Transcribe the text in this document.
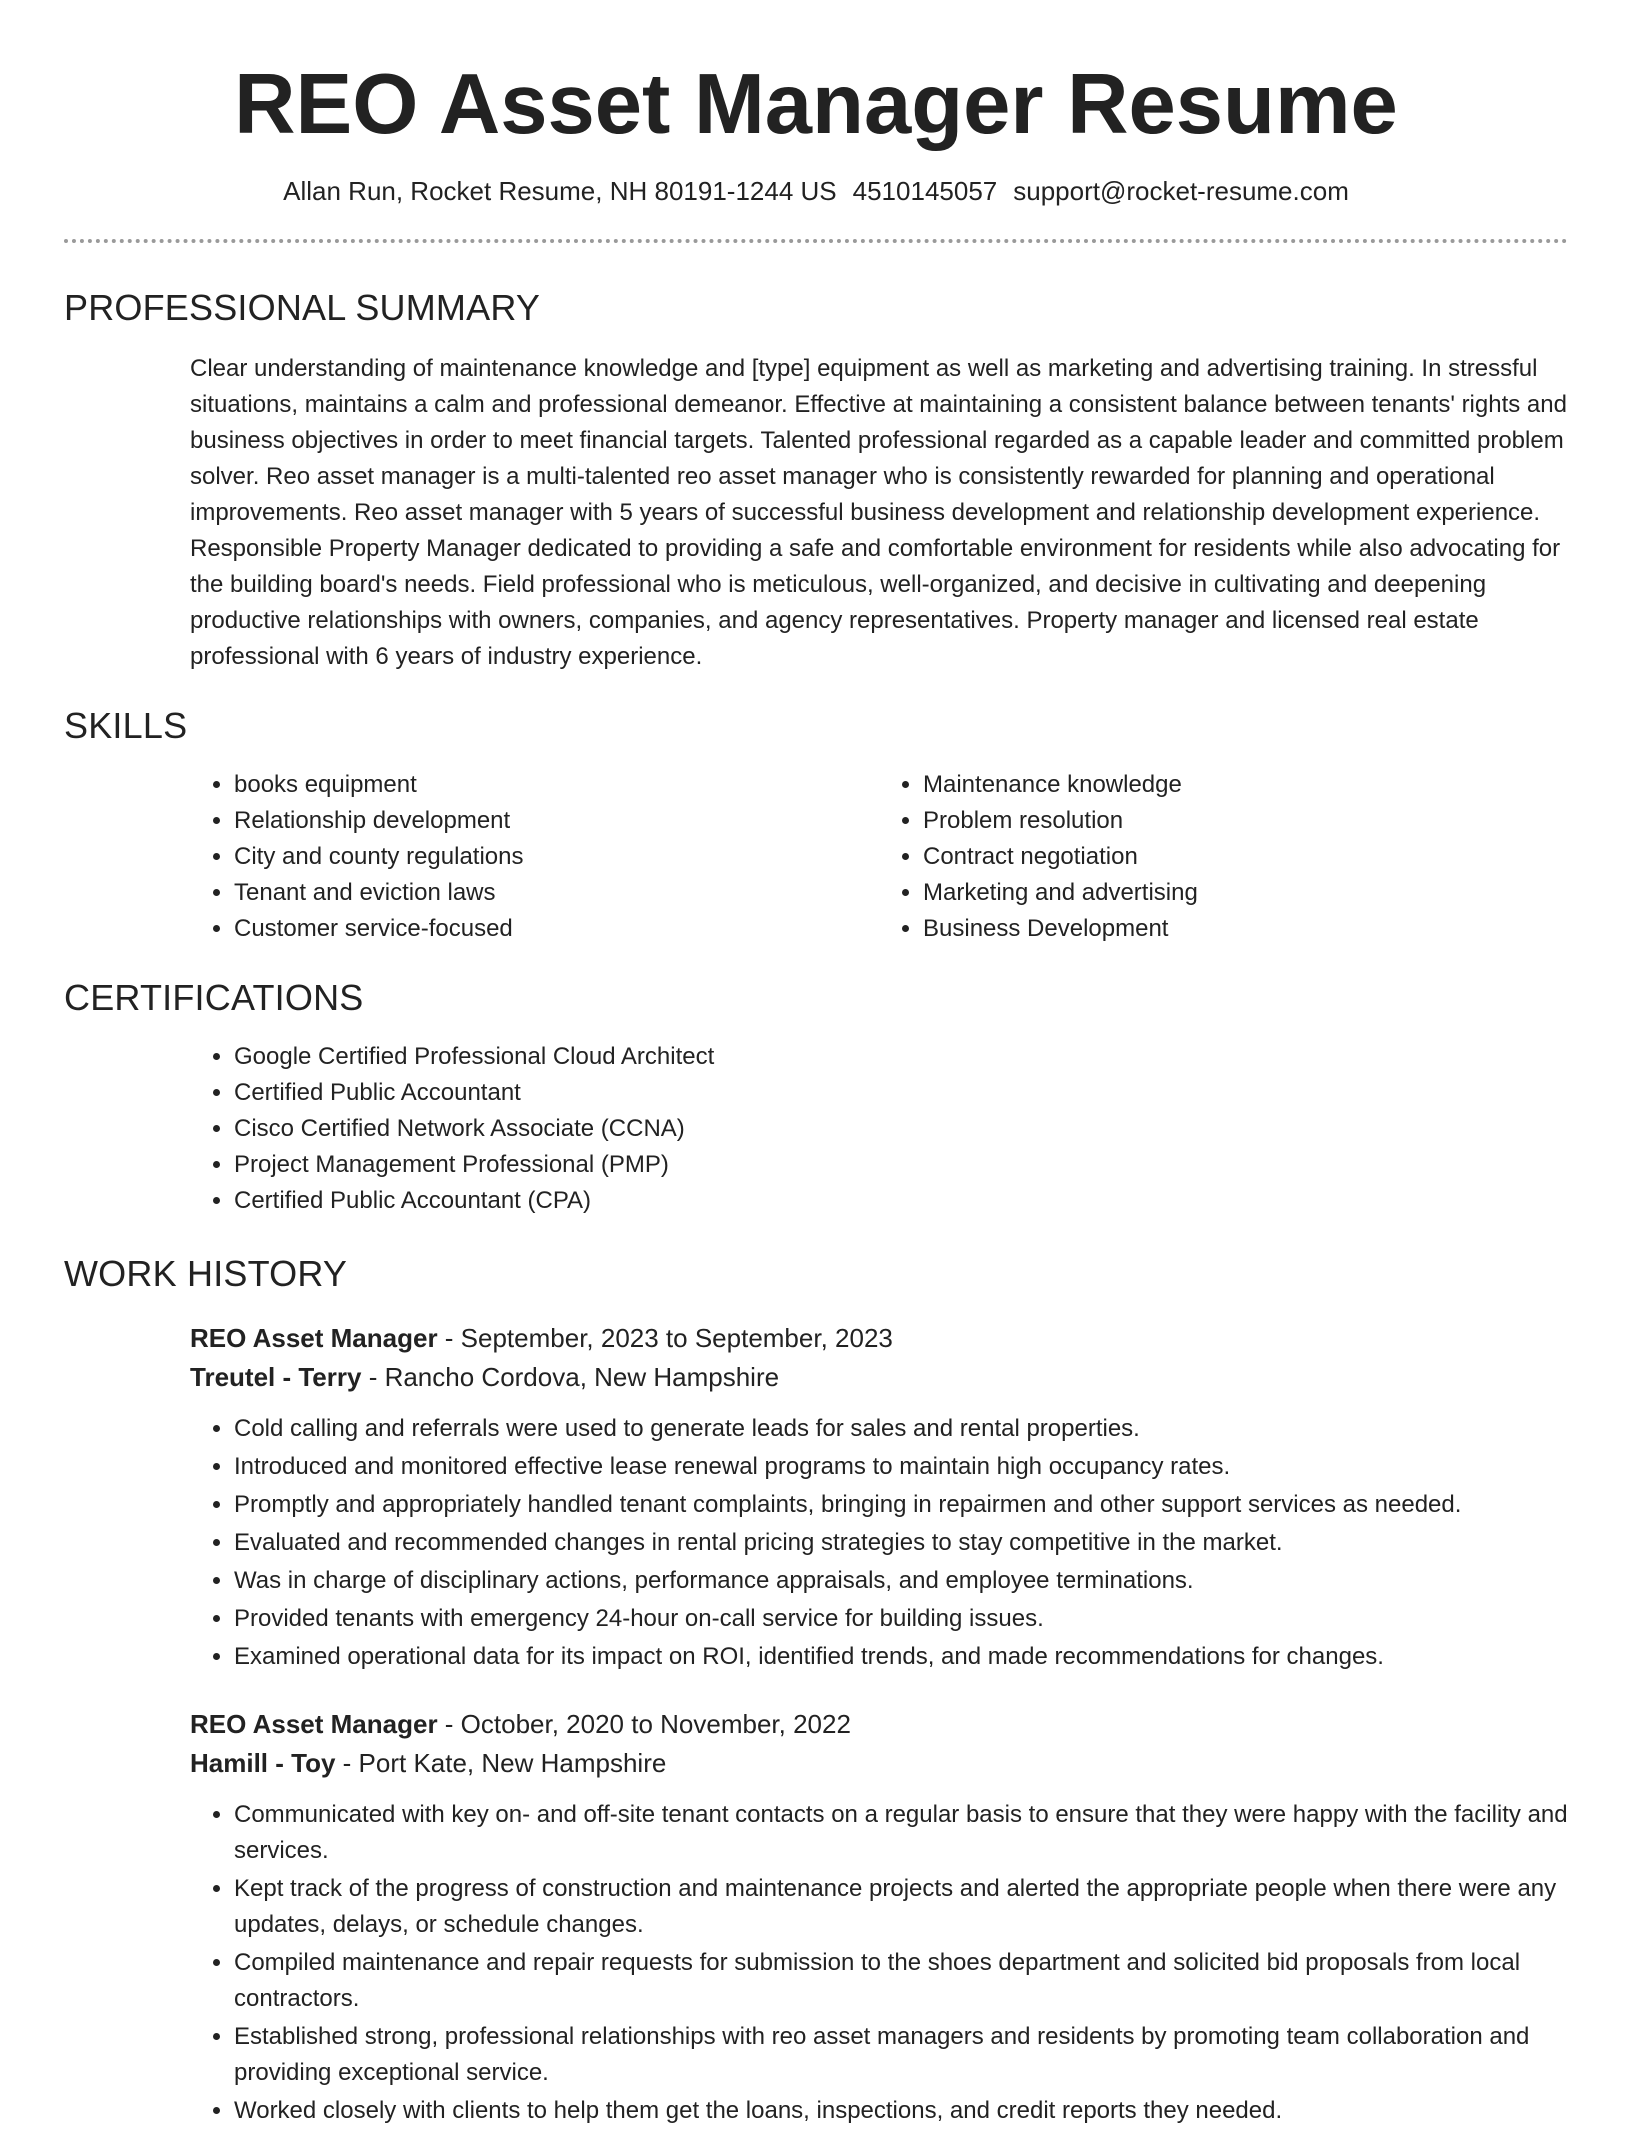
REO Asset Manager Resume
Allan Run, Rocket Resume, NH 80191-1244 US 4510145057 support@rocket-resume.com
PROFESSIONAL SUMMARY

Clear understanding of maintenance knowledge and [type] equipment as well as marketing and advertising training. In stressful situations, maintains a calm and professional demeanor. Effective at maintaining a consistent balance between tenants' rights and business objectives in order to meet financial targets. Talented professional regarded as a capable leader and committed problem solver. Reo asset manager is a multi-talented reo asset manager who is consistently rewarded for planning and operational improvements. Reo asset manager with 5 years of successful business development and relationship development experience. Responsible Property Manager dedicated to providing a safe and comfortable environment for residents while also advocating for the building board's needs. Field professional who is meticulous, well-organized, and decisive in cultivating and deepening productive relationships with owners, companies, and agency representatives. Property manager and licensed real estate professional with 6 years of industry experience.

SKILLS
• books equipment
• Relationship development
• City and county regulations
• Tenant and eviction laws
• Customer service-focused
• Maintenance knowledge
• Problem resolution
• Contract negotiation
• Marketing and advertising
• Business Development
CERTIFICATIONS
• Google Certified Professional Cloud Architect
• Certified Public Accountant
• Cisco Certified Network Associate (CCNA)
• Project Management Professional (PMP)
• Certified Public Accountant (CPA)
WORK HISTORY
REO Asset Manager - September, 2023 to September, 2023
Treutel - Terry - Rancho Cordova, New Hampshire
• Cold calling and referrals were used to generate leads for sales and rental properties.
• Introduced and monitored effective lease renewal programs to maintain high occupancy rates.
• Promptly and appropriately handled tenant complaints, bringing in repairmen and other support services as needed.
• Evaluated and recommended changes in rental pricing strategies to stay competitive in the market.
• Was in charge of disciplinary actions, performance appraisals, and employee terminations.
• Provided tenants with emergency 24-hour on-call service for building issues.
• Examined operational data for its impact on ROI, identified trends, and made recommendations for changes.
REO Asset Manager - October, 2020 to November, 2022
Hamill - Toy - Port Kate, New Hampshire
• Communicated with key on- and off-site tenant contacts on a regular basis to ensure that they were happy with the facility and services.
• Kept track of the progress of construction and maintenance projects and alerted the appropriate people when there were any updates, delays, or schedule changes.
• Compiled maintenance and repair requests for submission to the shoes department and solicited bid proposals from local contractors.
• Established strong, professional relationships with reo asset managers and residents by promoting team collaboration and providing exceptional service.
• Worked closely with clients to help them get the loans, inspections, and credit reports they needed.
